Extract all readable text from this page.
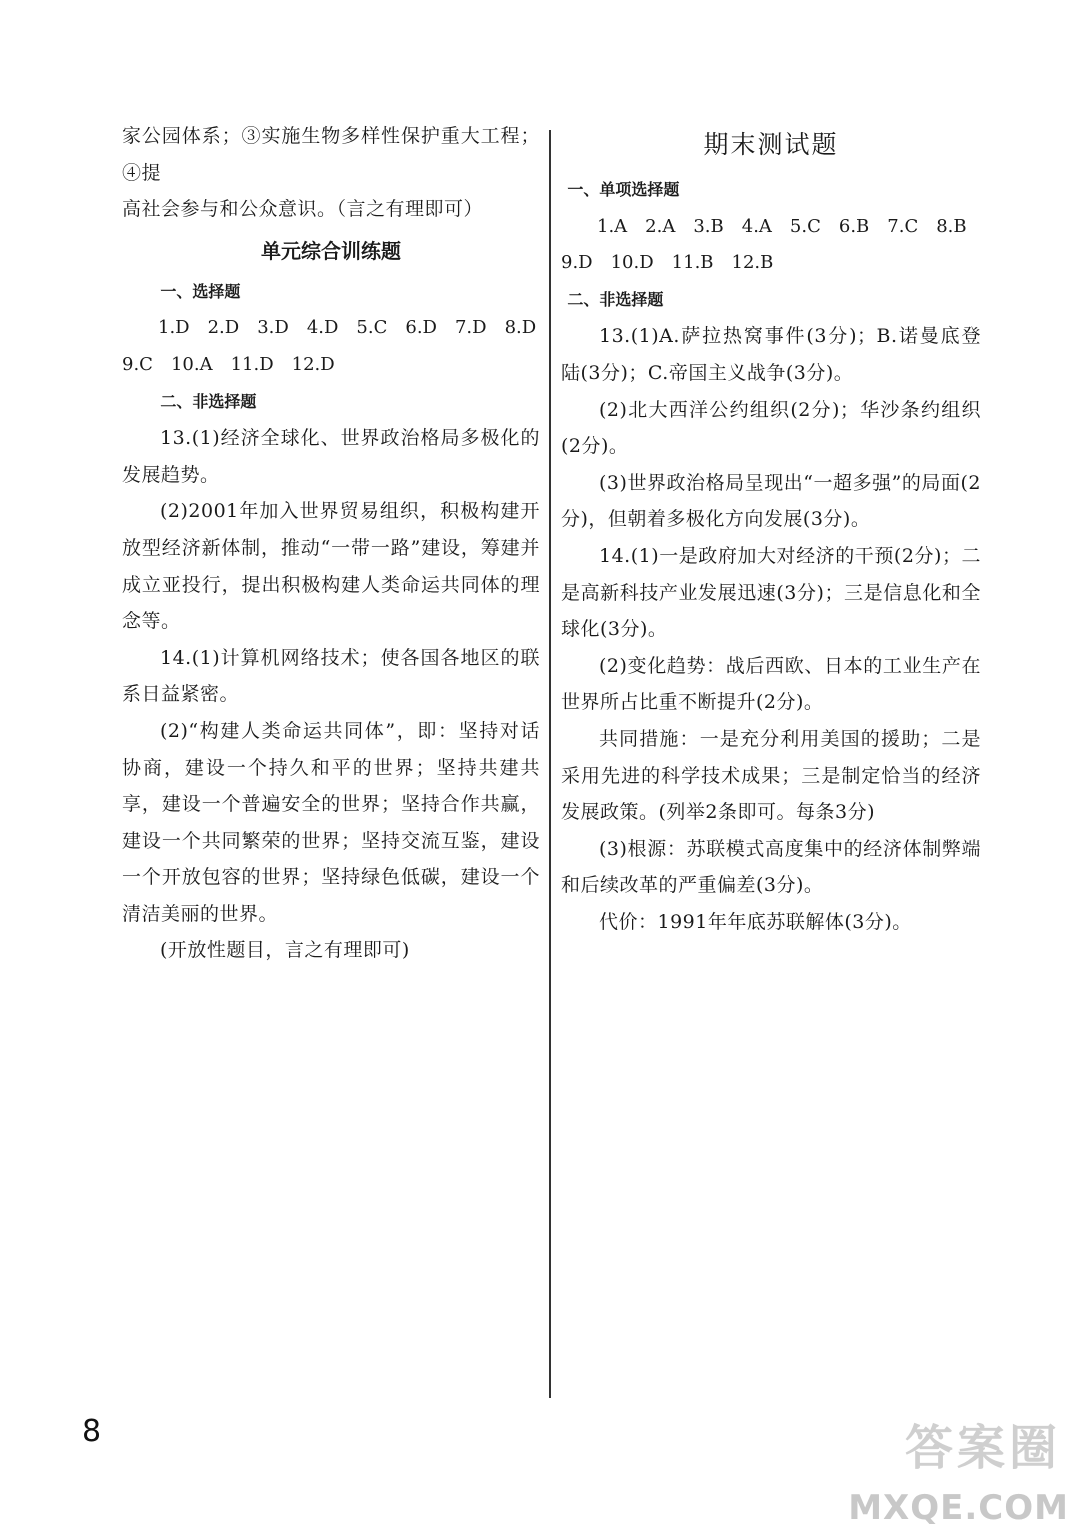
家公园体系；③实施生物多样性保护重大工程；④提

高社会参与和公众意识。（言之有理即可）

单元综合训练题

一、选择题

1.D　2.D　3.D　4.D　5.C　6.D　7.D　8.D

9.C　10.A　11.D　12.D

二、非选择题

13.(1)经济全球化、世界政治格局多极化的发展趋势。

(2)2001年加入世界贸易组织，积极构建开放型经济新体制，推动“一带一路”建设，筹建并成立亚投行，提出积极构建人类命运共同体的理念等。

14.(1)计算机网络技术；使各国各地区的联系日益紧密。

(2)“构建人类命运共同体”，即：坚持对话协商，建设一个持久和平的世界；坚持共建共享，建设一个普遍安全的世界；坚持合作共赢，建设一个共同繁荣的世界；坚持交流互鉴，建设一个开放包容的世界；坚持绿色低碳，建设一个清洁美丽的世界。

(开放性题目，言之有理即可)

期末测试题

一、单项选择题

1.A　2.A　3.B　4.A　5.C　6.B　7.C　8.B

9.D　10.D　11.B　12.B

二、非选择题

13.(1)A.萨拉热窝事件(3分)；B.诺曼底登陆(3分)；C.帝国主义战争(3分)。

(2)北大西洋公约组织(2分)；华沙条约组织(2分)。

(3)世界政治格局呈现出“一超多强”的局面(2分)，但朝着多极化方向发展(3分)。

14.(1)一是政府加大对经济的干预(2分)；二是高新科技产业发展迅速(3分)；三是信息化和全球化(3分)。

(2)变化趋势：战后西欧、日本的工业生产在世界所占比重不断提升(2分)。

共同措施：一是充分利用美国的援助；二是采用先进的科学技术成果；三是制定恰当的经济发展政策。(列举2条即可。每条3分)

(3)根源：苏联模式高度集中的经济体制弊端和后续改革的严重偏差(3分)。

代价：1991年年底苏联解体(3分)。

8	答案圈
MXQE.COM
